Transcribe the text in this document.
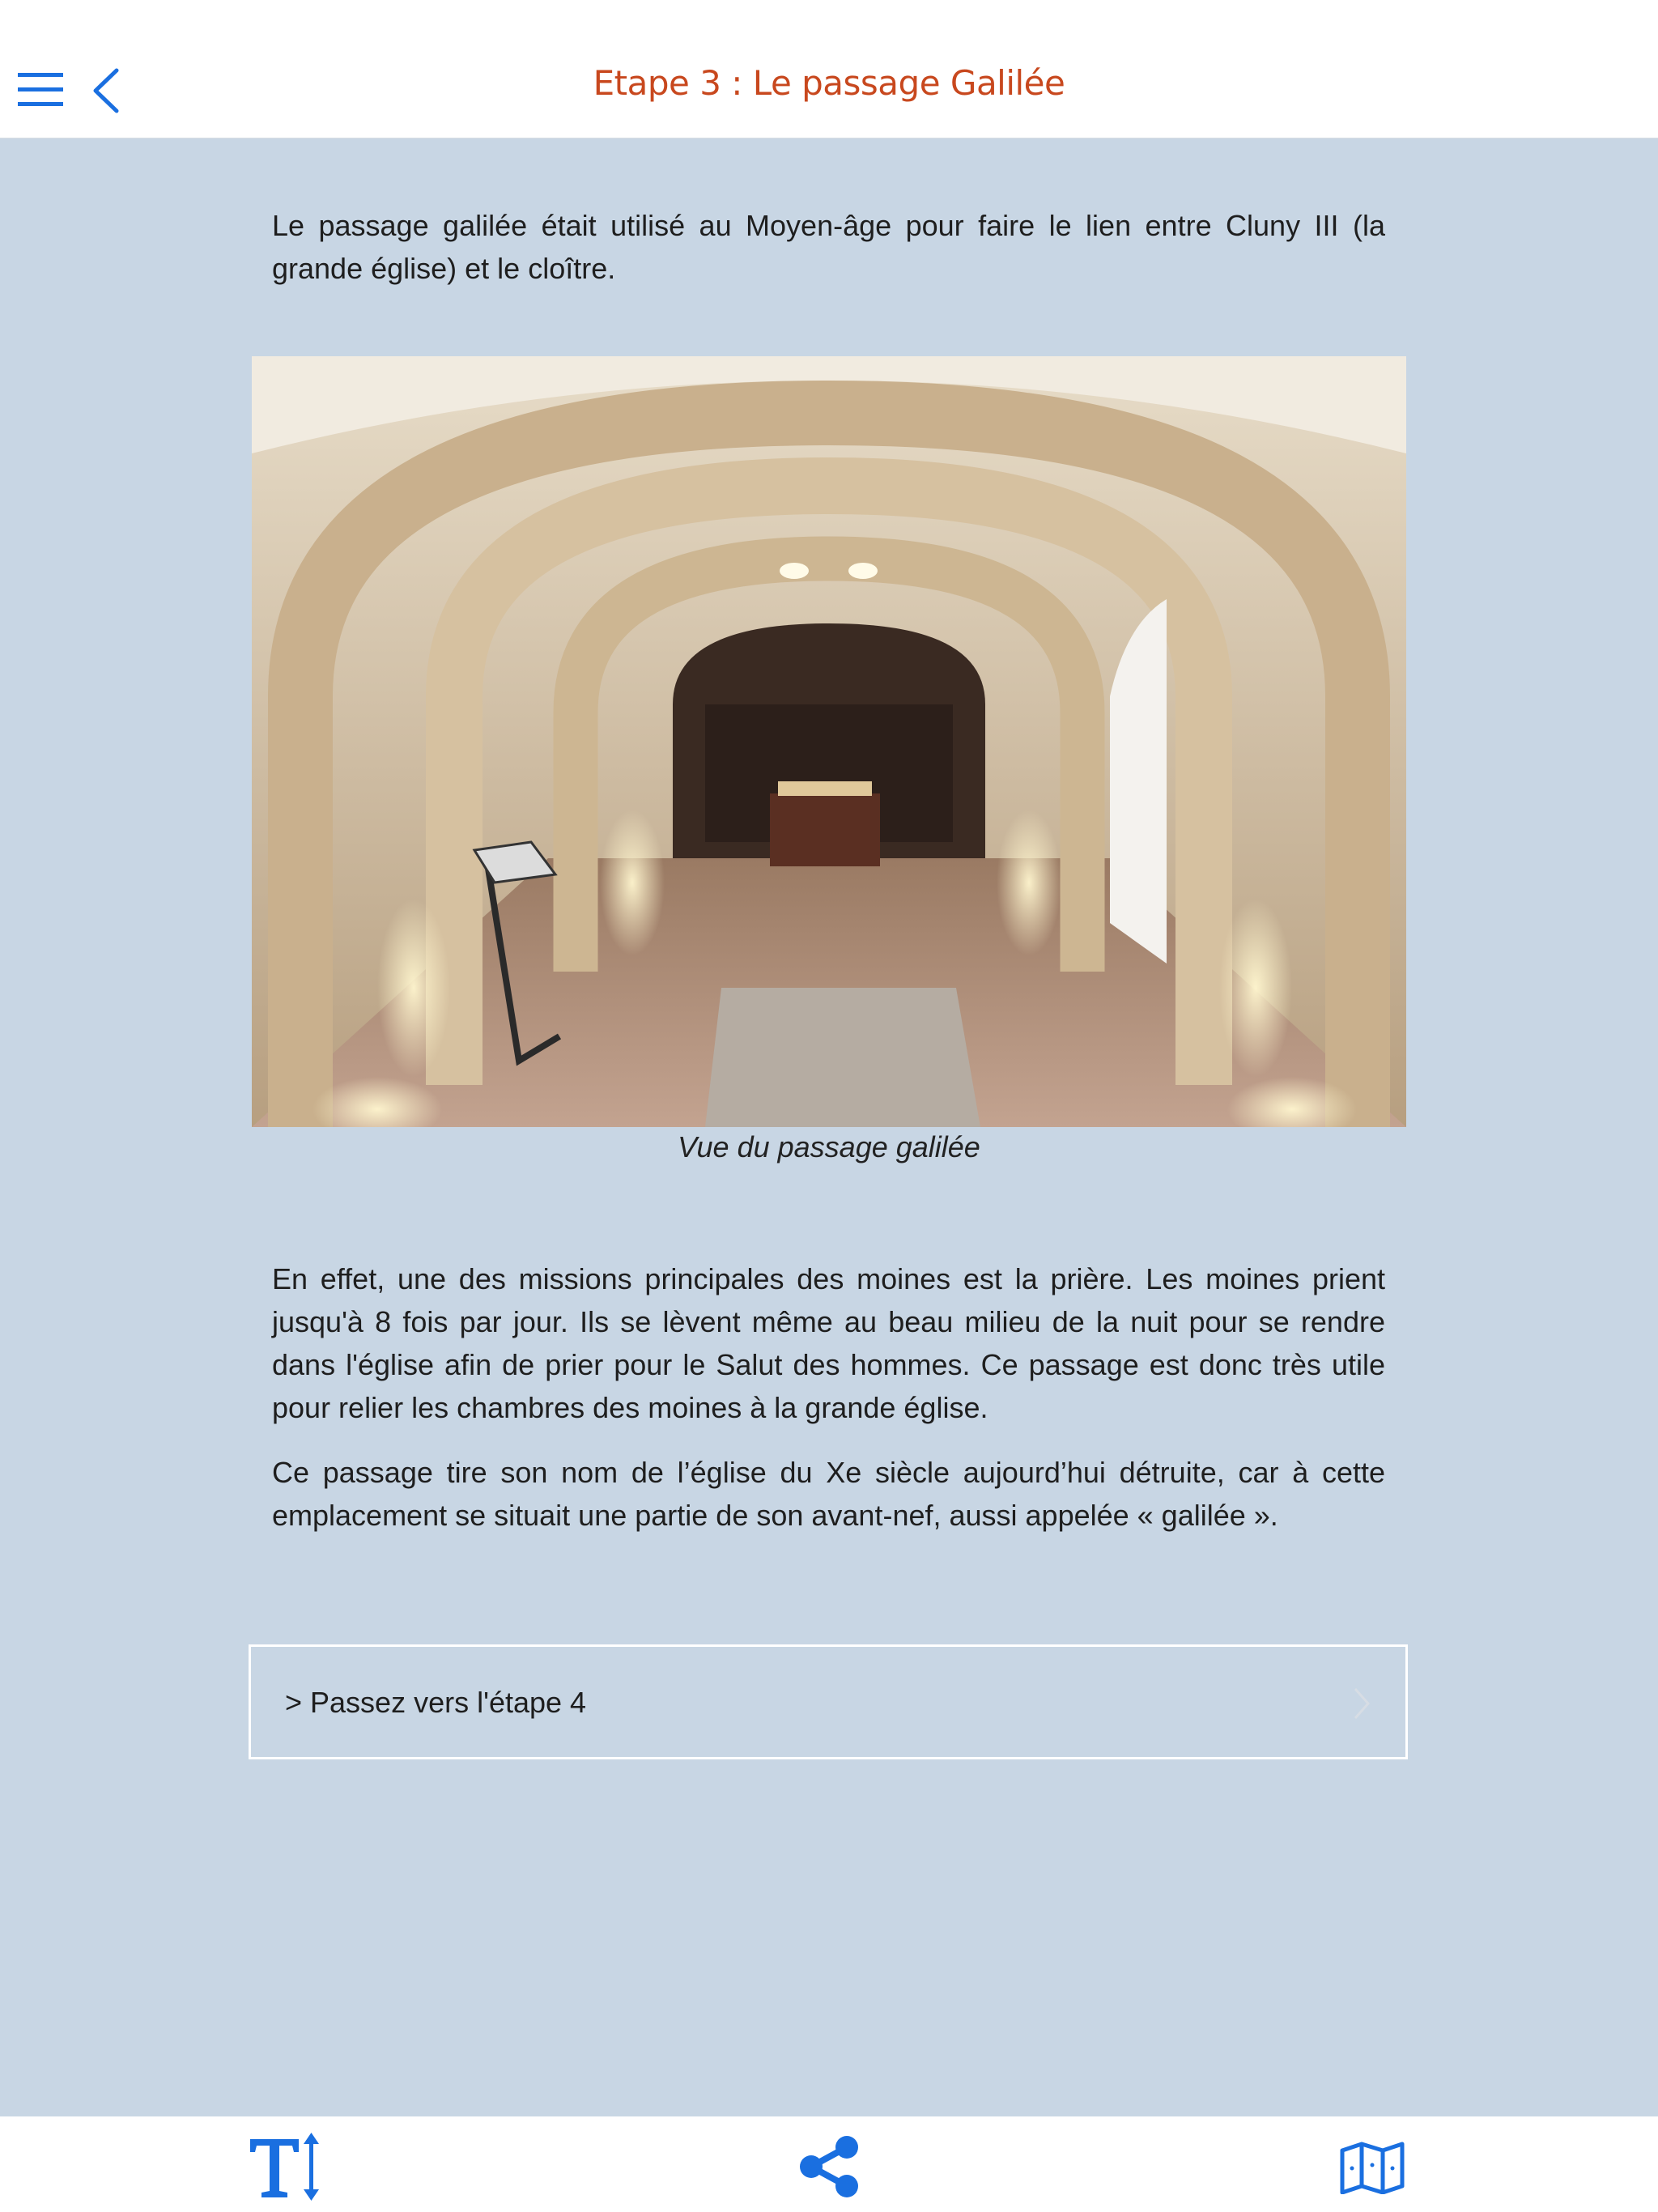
Etape 3 : Le passage Galilée

Le passage galilée était utilisé au Moyen-âge pour faire le lien entre Cluny III (la grande église) et le cloître.

Vue du passage galilée

En effet, une des missions principales des moines est la prière. Les moines prient jusqu'à 8 fois par jour. Ils se lèvent même au beau milieu de la nuit pour se rendre dans l'église afin de prier pour le Salut des hommes. Ce passage est donc très utile pour relier les chambres des moines à la grande église.

Ce passage tire son nom de l’église du Xe siècle aujourd’hui détruite, car à cette emplacement se situait une partie de son avant-nef, aussi appelée « galilée ».

> Passez vers l'étape 4
